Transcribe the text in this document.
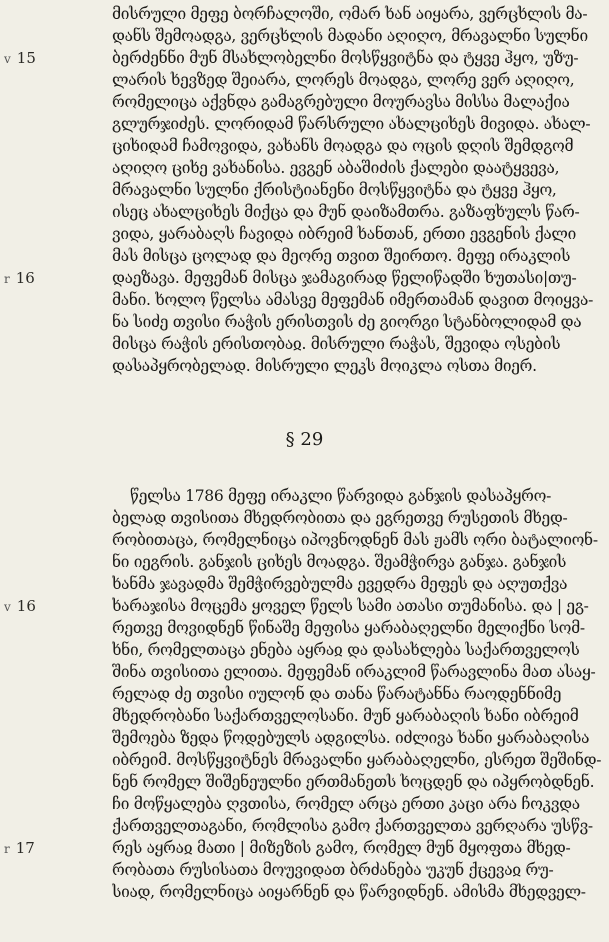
მისრული მეფე ბორჩალოში, ომარ ხან აიყარა, ვერცხლის მა-
დანს შემოადგა, ვერცხლის მადანი აღიღო, მრავალნი სულნი
ბერძენნი მუნ მსახლობელნი მოსწყვიტნა და ტყვე ჰყო, უზუ-
ლარის ხევზედ შეიარა, ლორეს მოადგა, ლორე ვერ აღიღო,
რომელიცა აქვნდა გამაგრებული მოურავსა მისსა მალაქია
გლურჯიძეს. ლორიდამ წარსრული ახალციხეს მივიდა. ახალ-
ციხიდამ ჩამოვიდა, ვახანს მოადგა და ოცის დღის შემდგომ
აღიღო ციხე ვახანისა. ევგენ აბაშიძის ქალები დაატყვევა,
მრავალნი სულნი ქრისტიანენი მოსწყვიტნა და ტყვე ჰყო,
ისეც ახალციხეს მიქცა და მუნ დაიზამთრა. გაზაფხულს წარ-
ვიდა, ყარაბაღს ჩავიდა იბრეიმ ხანთან, ერთი ევგენის ქალი
მას მისცა ცოლად და მეორე თვით შეირთო. მეფე ირაკლის
დაეზავა. მეფემან მისცა ჯამაგირად წელიწადში ხუთასი|თუ-
მანი. ხოლო წელსა ამასვე მეფემან იმერთამან დავით მოიყვა-
ნა სიძე თვისი რაჭის ერისთვის ძე გიორგი სტანბოლიდამ და
მისცა რაჭის ერისთობაჲ. მისრული რაჭას, შევიდა ოსების
დასაპყრობელად. მისრული ლეკს მოიკლა ოსთა მიერ.
§ 29
წელსა 1786 მეფე ირაკლი წარვიდა განჯის დასაპყრო-
ბელად თვისითა მხედრობითა და ეგრეთვე რუსეთის მხედ-
რობითაცა, რომელნიცა იპოვნოდნენ მას ჟამს ორი ბატალიონ-
ნი იეგრის. განჯის ციხეს მოადგა. შეამჭირვა განჯა. განჯის
ხანმა ჯავადმა შემჭირვებულმა ევედრა მეფეს და აღუთქვა
ხარაჯისა მოცემა ყოველ წელს სამი ათასი თუმანისა. და | ეგ-
რეთვე მოვიდნენ წინაშე მეფისა ყარაბაღელნი მელიქნი სომ-
ხნი, რომელთაცა ენება აყრაჲ და დასახლება საქართველოს
შინა თვისითა ელითა. მეფემან ირაკლიმ წარავლინა მათ ასაყ-
რელად ძე თვისი იულონ და თანა წარატანნა რაოდენნიმე
მხედრობანი საქართველოსანი. მუნ ყარაბაღის ხანი იბრეიმ
შემოება ზედა წოდებულს ადგილსა. იძლივა ხანი ყარაბაღისა
იბრეიმ. მოსწყვიტნეს მრავალნი ყარაბაღელნი, ესრეთ შეშინდ-
ნენ რომელ შიშენეულნი ერთმანეთს ხოცდენ და იპყრობდნენ.
ჩი მოწყალება ღვთისა, რომელ არცა ერთი კაცი არა ჩოკვდა
ქართველთაგანი, რომლისა გამო ქართველთა ვერღარა უსწვ-
რეს აყრაჲ მათი | მიზეზის გამო, რომელ მუნ მყოფთა მხედ-
რობათა რუსისათა მოუვიდათ ბრძანება უკუნ ქცევაჲ რუ-
სიად, რომელნიცა აიყარნენ და წარვიდნენ. ამისმა მხედველ-
v 15
r 16
v 16
r 17
